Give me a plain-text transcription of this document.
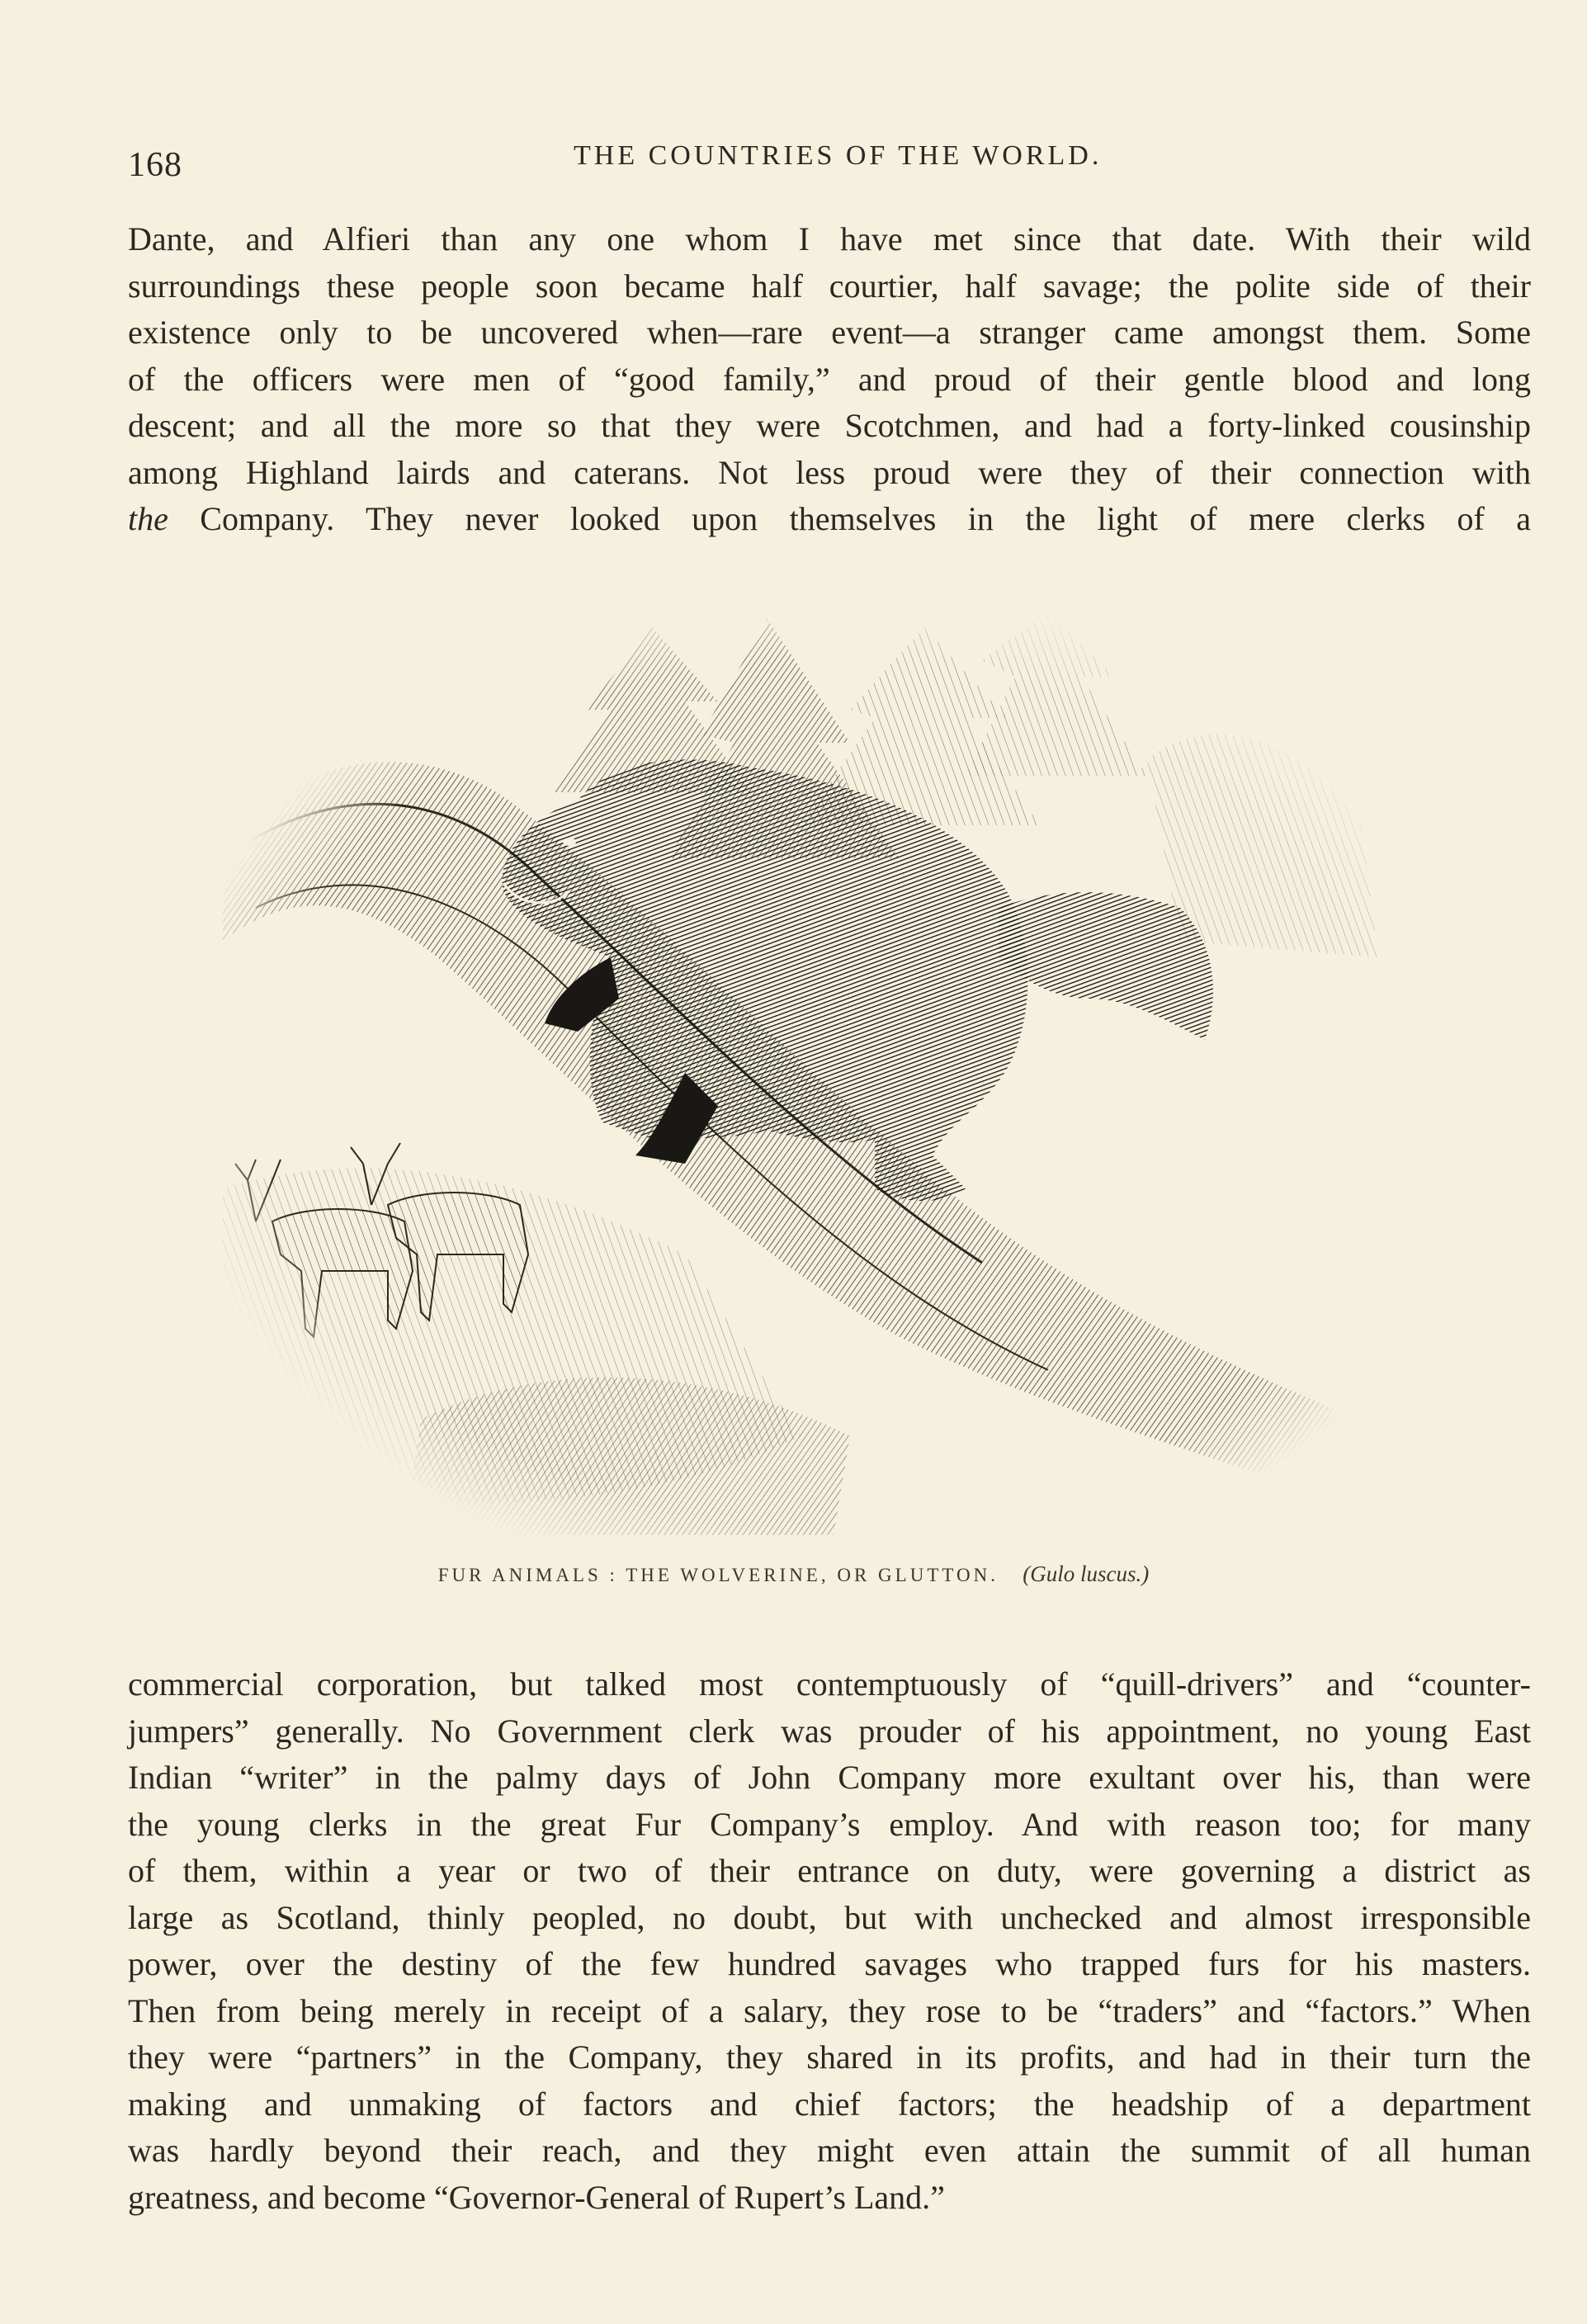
168	THE COUNTRIES OF THE WORLD.
Dante, and Alfieri than any one whom I have met since that date. With their wild
surroundings these people soon became half courtier, half savage; the polite side of their
existence only to be uncovered when—rare event—a stranger came amongst them. Some
of the officers were men of “good family,” and proud of their gentle blood and long
descent; and all the more so that they were Scotchmen, and had a forty-linked cousinship
among Highland lairds and caterans. Not less proud were they of their connection with
the Company. They never looked upon themselves in the light of mere clerks of a
FUR ANIMALS : THE WOLVERINE, OR GLUTTON. (Gulo luscus.)
commercial corporation, but talked most contemptuously of “quill-drivers” and “counter-
jumpers” generally. No Government clerk was prouder of his appointment, no young East
Indian “writer” in the palmy days of John Company more exultant over his, than were
the young clerks in the great Fur Company’s employ. And with reason too; for many
of them, within a year or two of their entrance on duty, were governing a district as
large as Scotland, thinly peopled, no doubt, but with unchecked and almost irresponsible
power, over the destiny of the few hundred savages who trapped furs for his masters.
Then from being merely in receipt of a salary, they rose to be “traders” and “factors.” When
they were “partners” in the Company, they shared in its profits, and had in their turn the
making and unmaking of factors and chief factors; the headship of a department
was hardly beyond their reach, and they might even attain the summit of all human
greatness, and become “Governor-General of Rupert’s Land.”
